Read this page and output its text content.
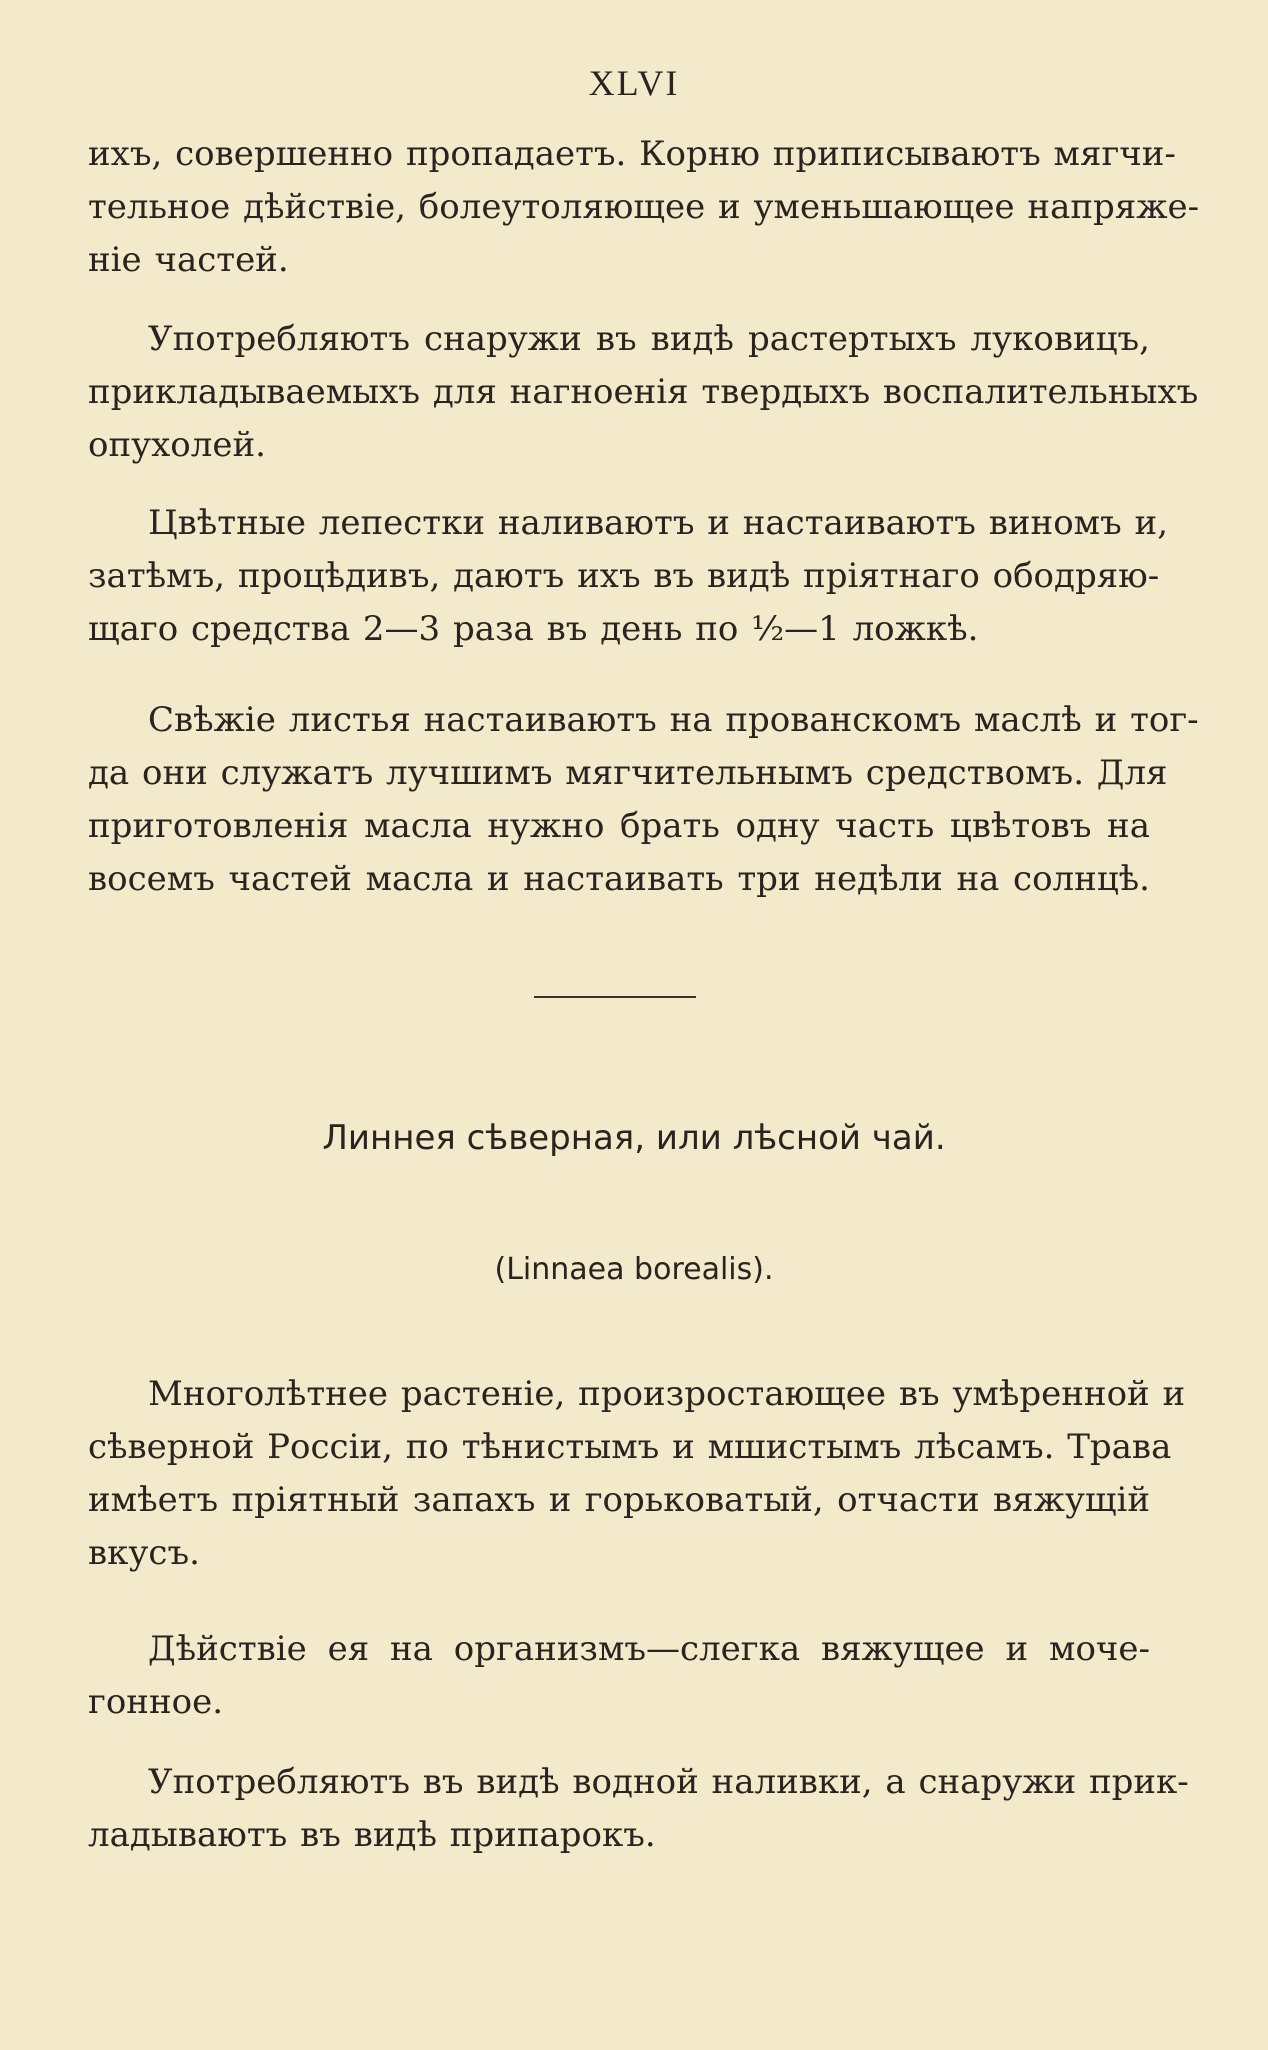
XLVI
ихъ, совершенно пропадаетъ. Корню приписываютъ мягчи-
тельное дѣйствіе, болеутоляющее и уменьшающее напряже-
ніе частей.
Употребляютъ снаружи въ видѣ растертыхъ луковицъ,
прикладываемыхъ для нагноенія твердыхъ воспалительныхъ
опухолей.
Цвѣтные лепестки наливаютъ и настаиваютъ виномъ и,
затѣмъ, процѣдивъ, даютъ ихъ въ видѣ пріятнаго ободряю-
щаго средства 2—3 раза въ день по ½—1 ложкѣ.
Свѣжіе листья настаиваютъ на прованскомъ маслѣ и тог-
да они служатъ лучшимъ мягчительнымъ средствомъ. Для
приготовленія масла нужно брать одну часть цвѣтовъ на
восемъ частей масла и настаивать три недѣли на солнцѣ.
Линнея сѣверная, или лѣсной чай.
(Linnaea borealis).
Многолѣтнее растеніе, произростающее въ умѣренной и
сѣверной Россіи, по тѣнистымъ и мшистымъ лѣсамъ. Трава
имѣетъ пріятный запахъ и горьковатый, отчасти вяжущій
вкусъ.
Дѣйствіе ея на организмъ—слегка вяжущее и моче-
гонное.
Употребляютъ въ видѣ водной наливки, а снаружи прик-
ладываютъ въ видѣ припарокъ.
